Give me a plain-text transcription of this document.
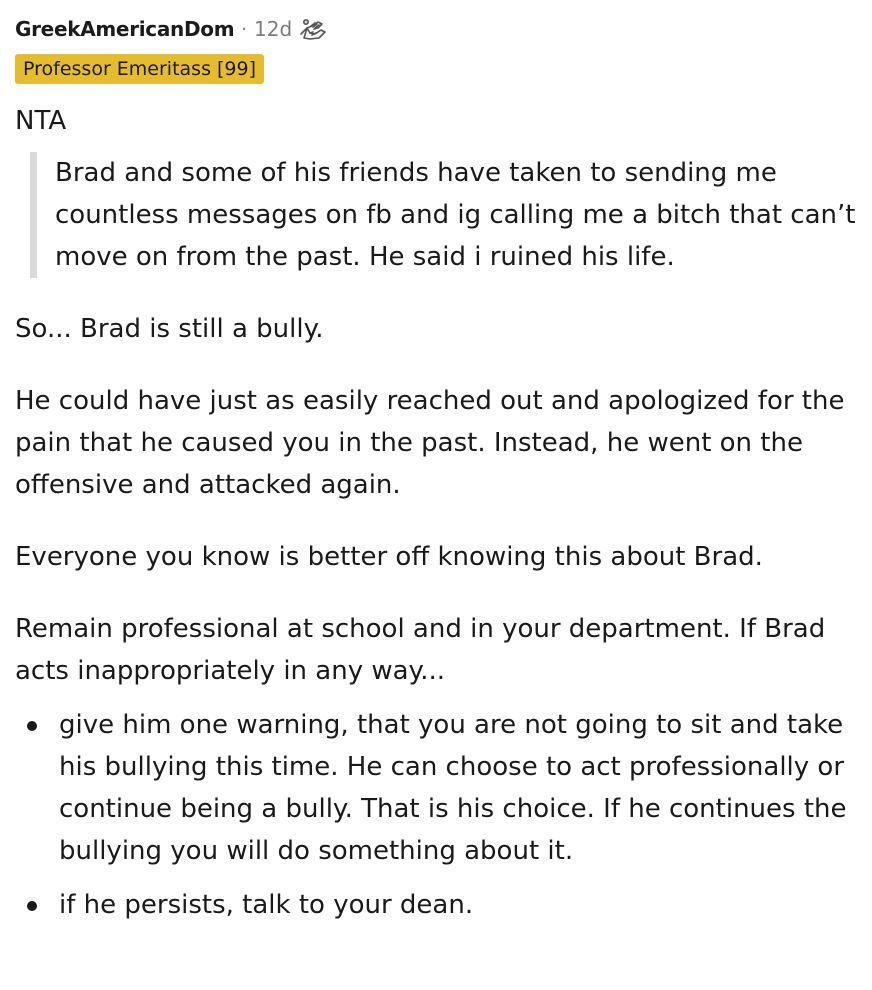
GreekAmericanDom · 12d
Professor Emeritass [99]

NTA

Brad and some of his friends have taken to sending me countless messages on fb and ig calling me a bitch that can’t move on from the past. He said i ruined his life.

So... Brad is still a bully.

He could have just as easily reached out and apologized for the pain that he caused you in the past. Instead, he went on the offensive and attacked again.

Everyone you know is better off knowing this about Brad.

Remain professional at school and in your department. If Brad acts inappropriately in any way...

give him one warning, that you are not going to sit and take his bullying this time. He can choose to act professionally or continue being a bully. That is his choice. If he continues the bullying you will do something about it.
if he persists, talk to your dean.
